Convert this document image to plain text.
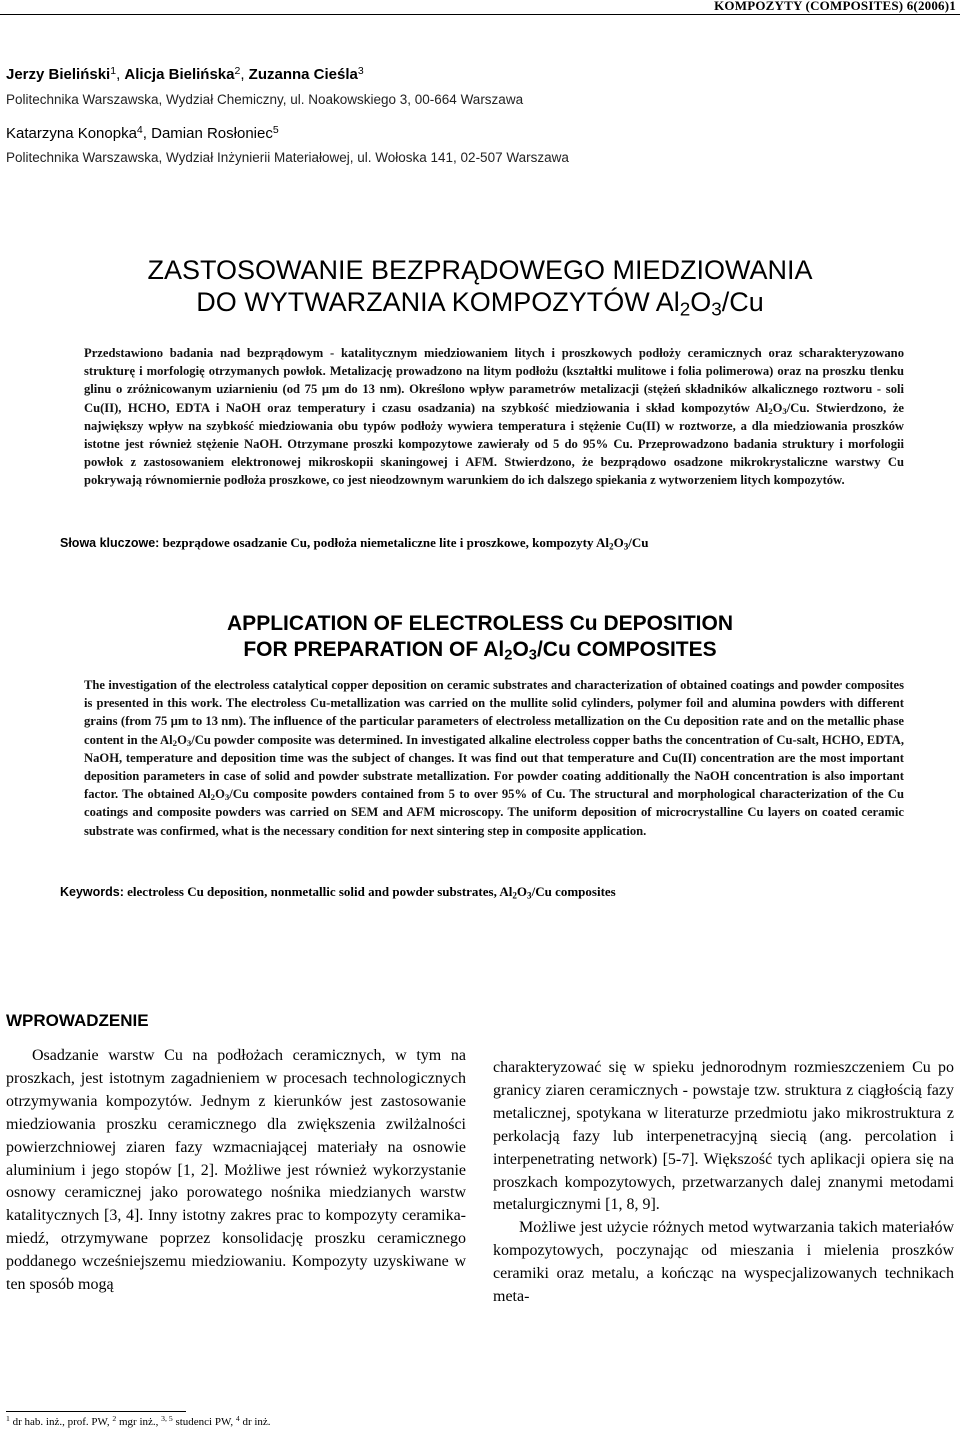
KOMPOZYTY (COMPOSITES) 6(2006)1
Jerzy Bieliński$^1$, Alicja Bielińska$^2$, Zuzanna Cieśla$^3$
Politechnika Warszawska, Wydział Chemiczny, ul. Noakowskiego 3, 00-664 Warszawa
Katarzyna Konopka$^4$, Damian Rosłoniec$^5$
Politechnika Warszawska, Wydział Inżynierii Materiałowej, ul. Wołoska 141, 02-507 Warszawa
ZASTOSOWANIE BEZPRĄDOWEGO MIEDZIOWANIA
DO WYTWARZANIA KOMPOZYTÓW $Al_2O_3/Cu$
Przedstawiono badania nad bezprądowym - katalitycznym miedziowaniem litych i proszkowych podłoży ceramicznych oraz scharakteryzowano strukturę i morfologię otrzymanych powłok. Metalizację prowadzono na litym podłożu (kształtki mulitowe i folia polimerowa) oraz na proszku tlenku glinu o zróżnicowanym uziarnieniu (od 75 µm do 13 nm). Określono wpływ parametrów metalizacji (stężeń składników alkalicznego roztworu - soli Cu(II), HCHO, EDTA i NaOH oraz temperatury i czasu osadzania) na szybkość miedziowania i skład kompozytów $Al_2O_3/Cu$. Stwierdzono, że największy wpływ na szybkość miedziowania obu typów podłoży wywiera temperatura i stężenie Cu(II) w roztworze, a dla miedziowania proszków istotne jest również stężenie NaOH. Otrzymane proszki kompozytowe zawierały od 5 do 95% Cu. Przeprowadzono badania struktury i morfologii powłok z zastosowaniem elektronowej mikroskopii skaningowej i AFM. Stwierdzono, że bezprądowo osadzone mikrokrystaliczne warstwy Cu pokrywają równomiernie podłoża proszkowe, co jest nieodzownym warunkiem do ich dalszego spiekania z wytworzeniem litych kompozytów.
Słowa kluczowe: bezprądowe osadzanie Cu, podłoża niemetaliczne lite i proszkowe, kompozyty $Al_2O_3/Cu$
APPLICATION OF ELECTROLESS Cu DEPOSITION
FOR PREPARATION OF $Al_2O_3/Cu$ COMPOSITES
The investigation of the electroless catalytical copper deposition on ceramic substrates and characterization of obtained coatings and powder composites is presented in this work. The electroless Cu-metallization was carried on the mullite solid cylinders, polymer foil and alumina powders with different grains (from 75 µm to 13 nm). The influence of the particular parameters of electroless metallization on the Cu deposition rate and on the metallic phase content in the $Al_2O_3/Cu$ powder composite was determined. In investigated alkaline electroless copper baths the concentration of Cu-salt, HCHO, EDTA, NaOH, temperature and deposition time was the subject of changes. It was find out that temperature and Cu(II) concentration are the most important deposition parameters in case of solid and powder substrate metallization. For powder coating additionally the NaOH concentration is also important factor. The obtained $Al_2O_3/Cu$ composite powders contained from 5 to over 95% of Cu. The structural and morphological characterization of the Cu coatings and composite powders was carried on SEM and AFM microscopy. The uniform deposition of microcrystalline Cu layers on coated ceramic substrate was confirmed, what is the necessary condition for next sintering step in composite application.
Keywords: electroless Cu deposition, nonmetallic solid and powder substrates, $Al_2O_3/Cu$ composites
WPROWADZENIE

Osadzanie warstw Cu na podłożach ceramicznych, w tym na proszkach, jest istotnym zagadnieniem w procesach technologicznych otrzymywania kompozytów. Jednym z kierunków jest zastosowanie miedziowania proszku ceramicznego dla zwiększenia zwilżalności powierzchniowej ziaren fazy wzmacniającej materiały na osnowie aluminium i jego stopów [1, 2]. Możliwe jest również wykorzystanie osnowy ceramicznej jako porowatego nośnika miedzianych warstw katalitycznych [3, 4]. Inny istotny zakres prac to kompozyty ceramika-miedź, otrzymywane poprzez konsolidację proszku ceramicznego poddanego wcześniejszemu miedziowaniu. Kompozyty uzyskiwane w ten sposób mogą

charakteryzować się w spieku jednorodnym rozmieszczeniem Cu po granicy ziaren ceramicznych - powstaje tzw. struktura z ciągłością fazy metalicznej, spotykana w literaturze przedmiotu jako mikrostruktura z perkolacją fazy lub interpenetracyjną siecią (ang. percolation i interpenetrating network) [5-7]. Większość tych aplikacji opiera się na proszkach kompozytowych, przetwarzanych dalej znanymi metodami metalurgicznymi [1, 8, 9].

Możliwe jest użycie różnych metod wytwarzania takich materiałów kompozytowych, poczynając od mieszania i mielenia proszków ceramiki oraz metalu, a kończąc na wyspecjalizowanych technikach meta-

$^1$ dr hab. inż., prof. PW, $^2$ mgr inż., $^{3, 5}$ studenci PW, $^4$ dr inż.
